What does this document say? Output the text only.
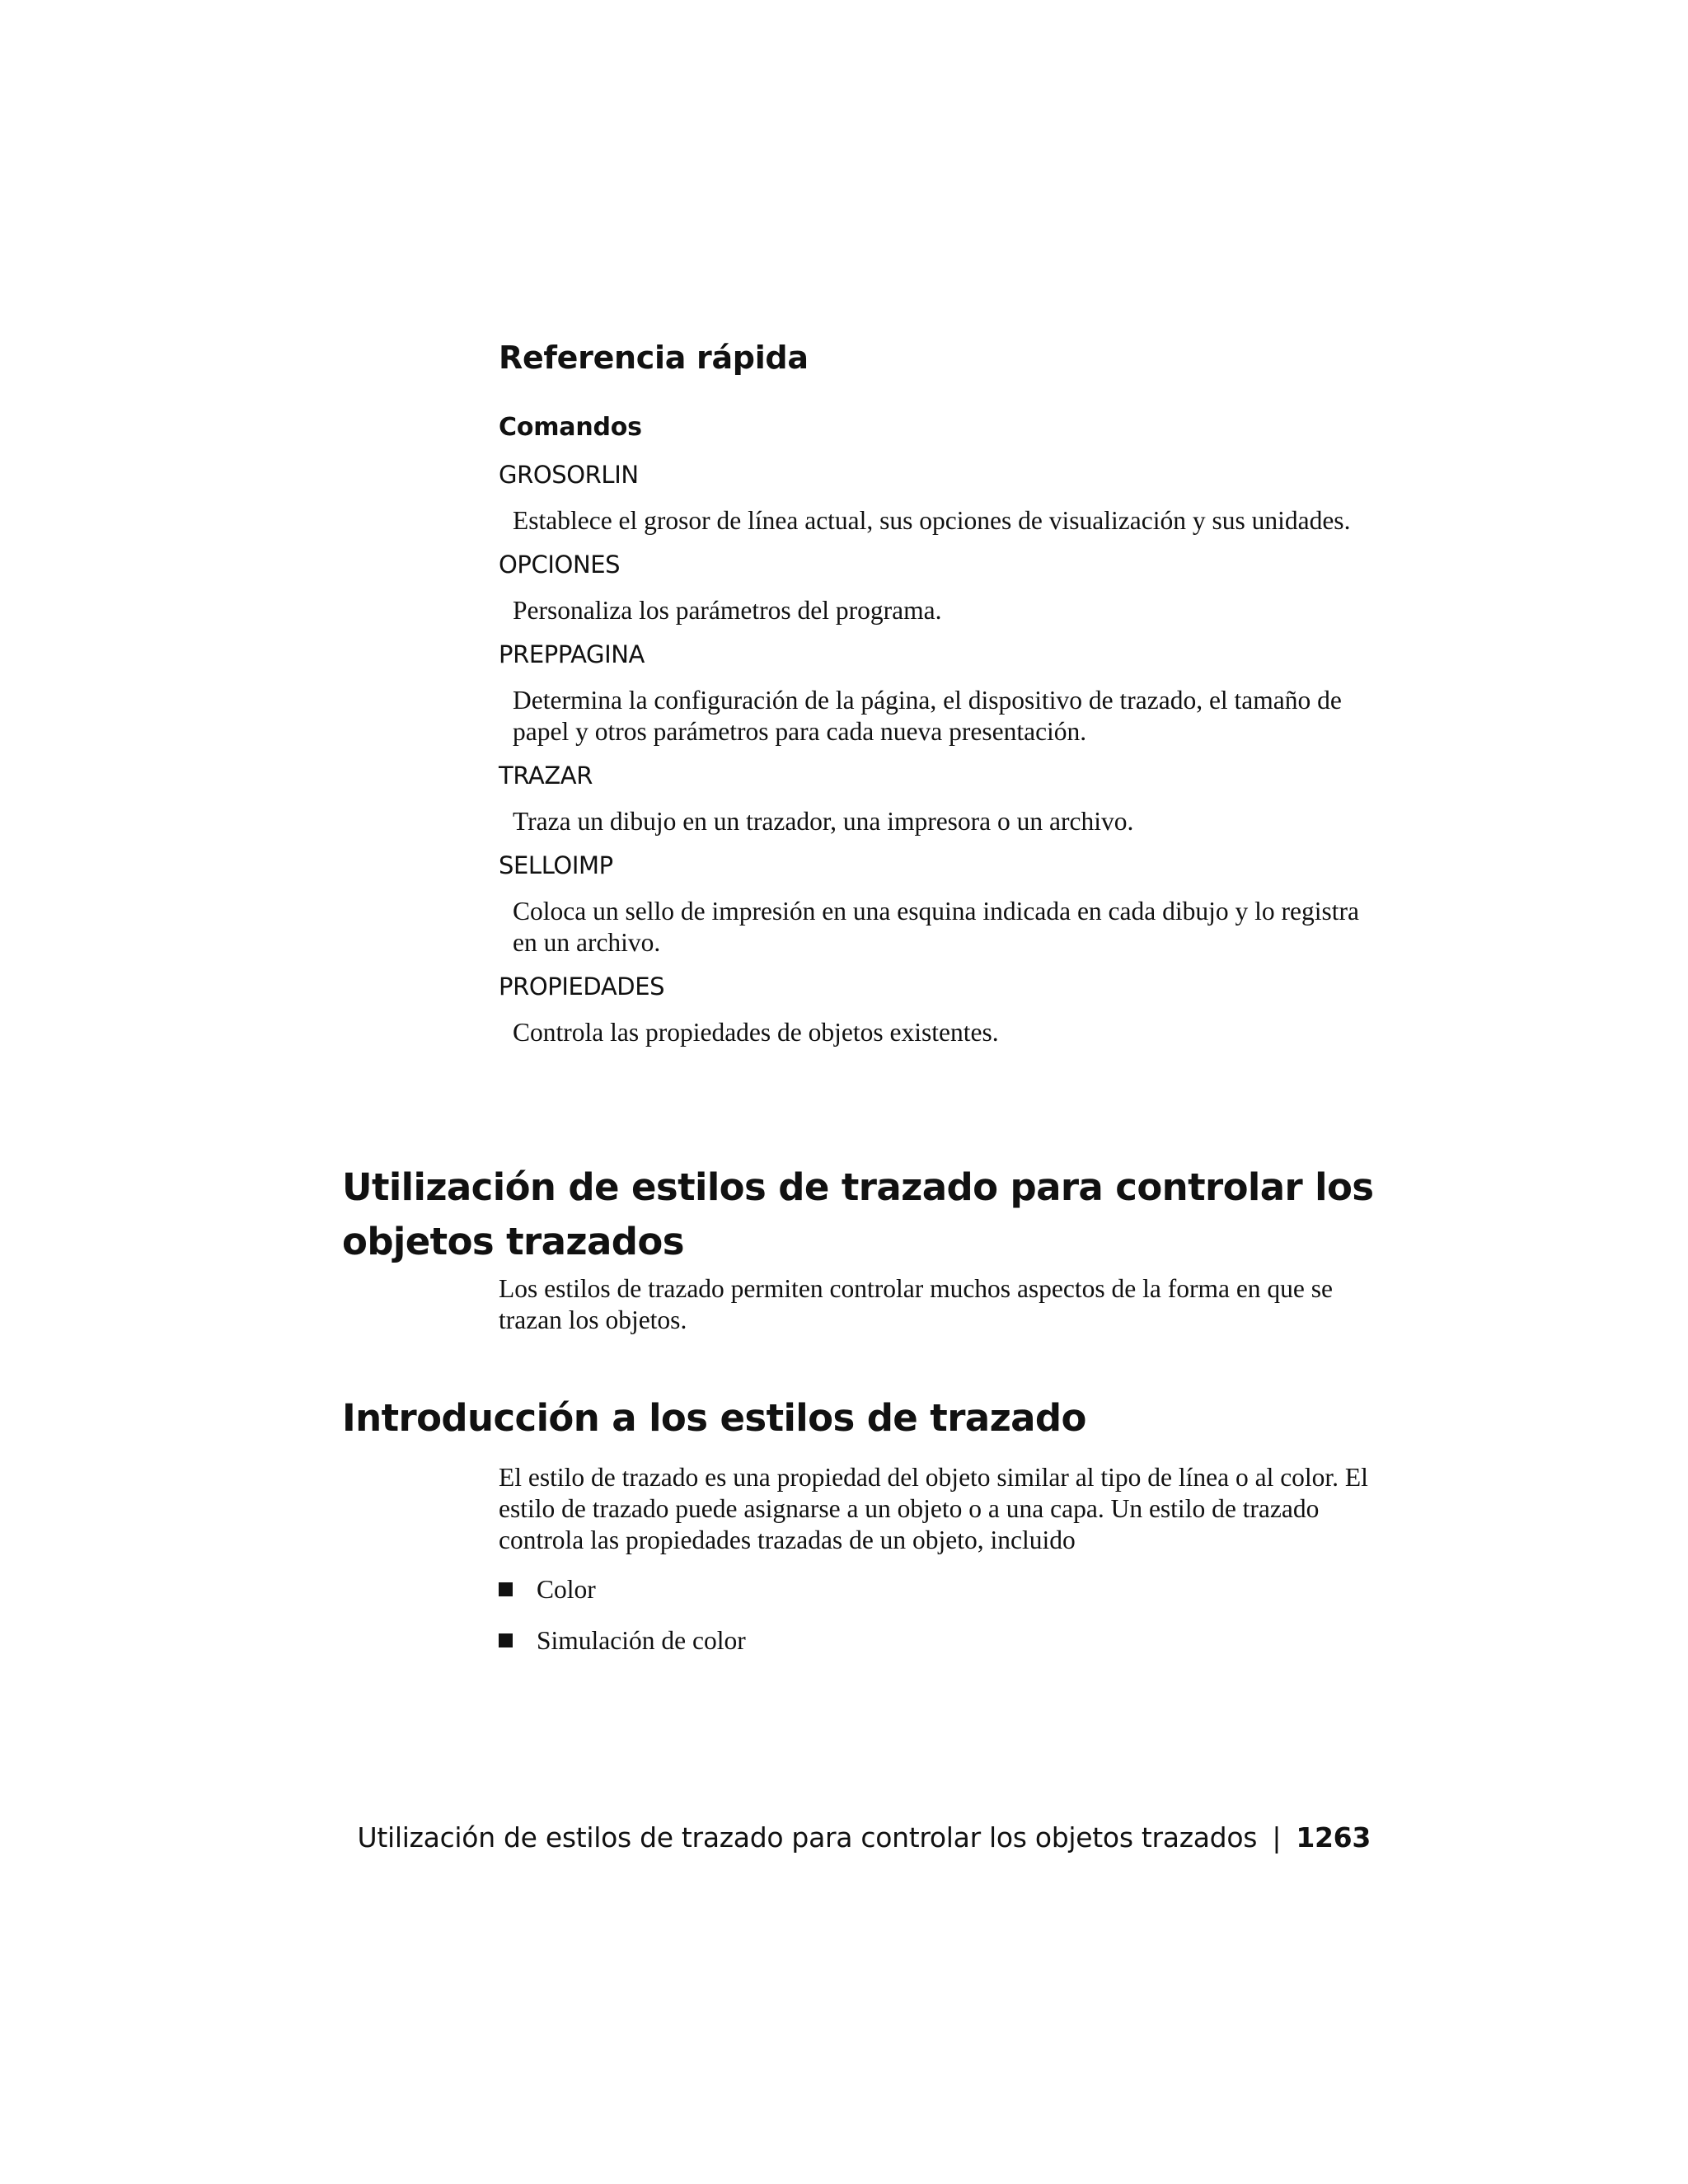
Referencia rápida
Comandos

GROSORLIN

Establece el grosor de línea actual, sus opciones de visualización y sus unidades.

OPCIONES

Personaliza los parámetros del programa.

PREPPAGINA

Determina la configuración de la página, el dispositivo de trazado, el tamaño de papel y otros parámetros para cada nueva presentación.

TRAZAR

Traza un dibujo en un trazador, una impresora o un archivo.

SELLOIMP

Coloca un sello de impresión en una esquina indicada en cada dibujo y lo registra en un archivo.

PROPIEDADES

Controla las propiedades de objetos existentes.

Utilización de estilos de trazado para controlar los objetos trazados

Los estilos de trazado permiten controlar muchos aspectos de la forma en que se trazan los objetos.

Introducción a los estilos de trazado

El estilo de trazado es una propiedad del objeto similar al tipo de línea o al color. El estilo de trazado puede asignarse a un objeto o a una capa. Un estilo de trazado controla las propiedades trazadas de un objeto, incluido

Color
Simulación de color

Utilización de estilos de trazado para controlar los objetos trazados | 1263
